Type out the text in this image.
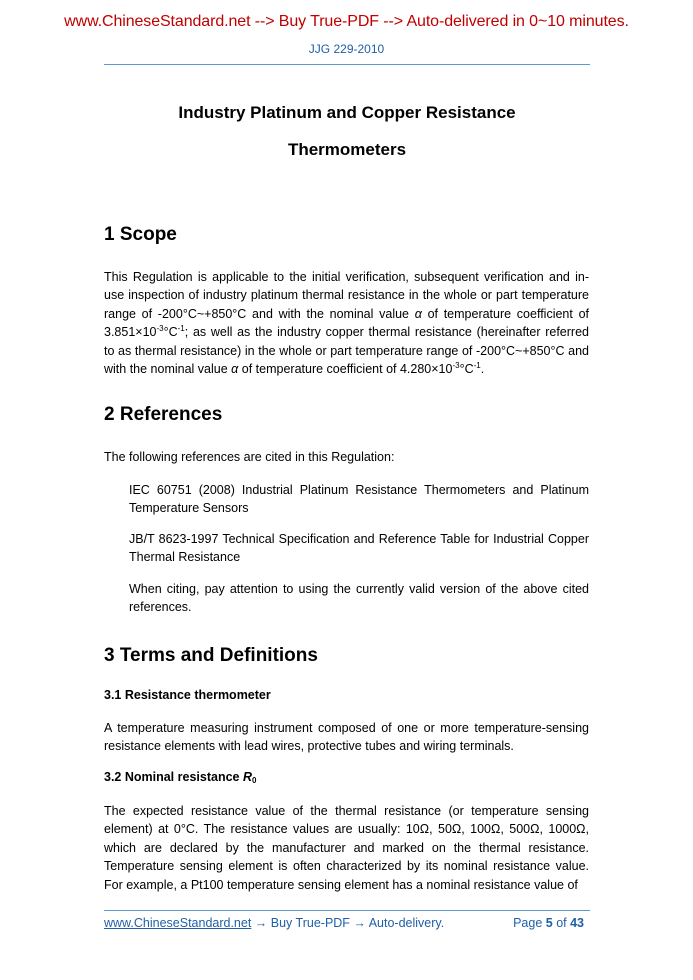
www.ChineseStandard.net --> Buy True-PDF --> Auto-delivered in 0~10 minutes.
JJG 229-2010
Industry Platinum and Copper Resistance
Thermometers
1 Scope

This Regulation is applicable to the initial verification, subsequent verification and in-use inspection of industry platinum thermal resistance in the whole or part temperature range of -200°C~+850°C and with the nominal value α of temperature coefficient of $3.851\times 10^{-3}^\circ C^{-1}$; as well as the industry copper thermal resistance (hereinafter referred to as thermal resistance) in the whole or part temperature range of -200°C~+850°C and with the nominal value α of temperature coefficient of $4.280\times 10^{-3}^\circ C^{-1}$.

2 References

The following references are cited in this Regulation:

IEC 60751 (2008) Industrial Platinum Resistance Thermometers and Platinum Temperature Sensors

JB/T 8623-1997 Technical Specification and Reference Table for Industrial Copper Thermal Resistance

When citing, pay attention to using the currently valid version of the above cited references.

3 Terms and Definitions
3.1 Resistance thermometer

A temperature measuring instrument composed of one or more temperature-sensing resistance elements with lead wires, protective tubes and wiring terminals.

3.2 Nominal resistance $R_0$

The expected resistance value of the thermal resistance (or temperature sensing element) at 0°C. The resistance values are usually: 10Ω, 50Ω, 100Ω, 500Ω, 1000Ω, which are declared by the manufacturer and marked on the thermal resistance. Temperature sensing element is often characterized by its nominal resistance value. For example, a Pt100 temperature sensing element has a nominal resistance value of

www.ChineseStandard.net → Buy True-PDF → Auto-delivery.	Page 5 of 43
